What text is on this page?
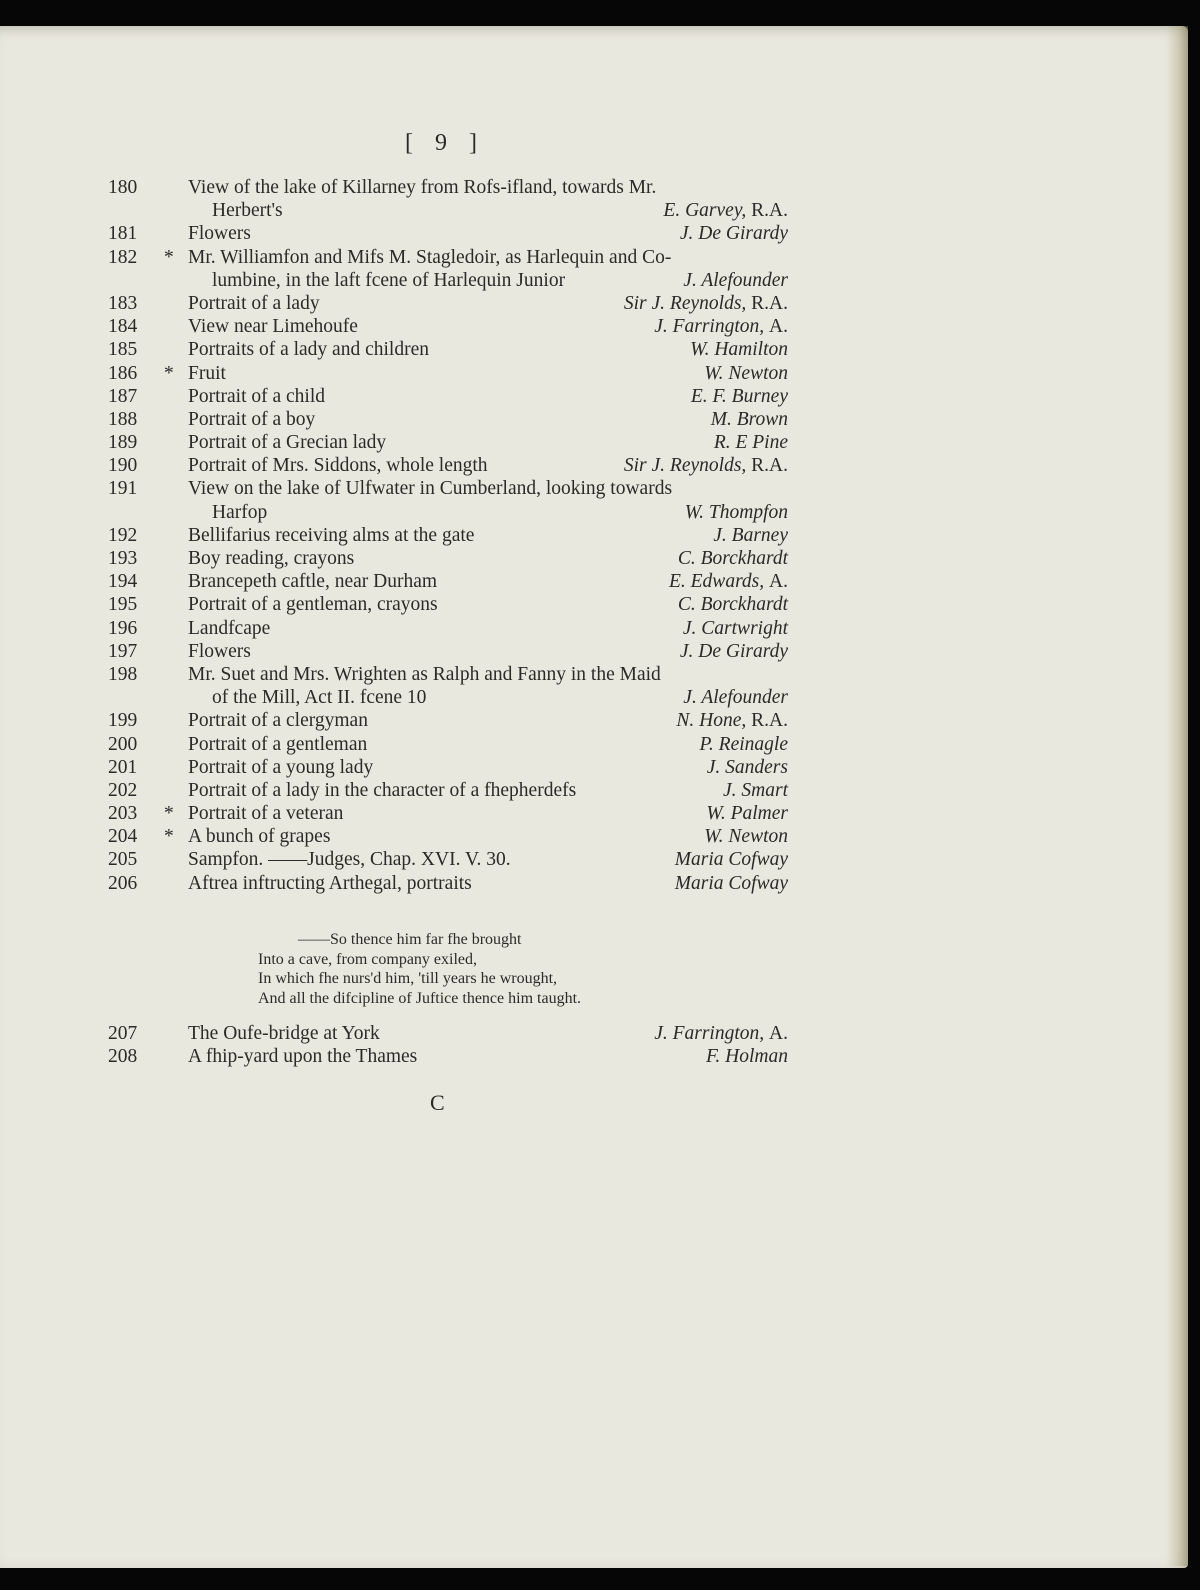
[ 9 ]
180	View of the lake of Killarney from Rofs-ifland, towards Mr.
Herbert's	E. Garvey, R.A.
181	Flowers	J. De Girardy
182	* Mr. Williamfon and Mifs M. Stagledoir, as Harlequin and Co-
lumbine, in the laft fcene of Harlequin Junior	J. Alefounder
183	Portrait of a lady	Sir J. Reynolds, R.A.
184	View near Limehoufe	J. Farrington, A.
185	Portraits of a lady and children	W. Hamilton
186	* Fruit	W. Newton
187	Portrait of a child	E. F. Burney
188	Portrait of a boy	M. Brown
189	Portrait of a Grecian lady	R. E Pine
190	Portrait of Mrs. Siddons, whole length	Sir J. Reynolds, R.A.
191	View on the lake of Ulfwater in Cumberland, looking towards
Harfop	W. Thompfon
192	Bellifarius receiving alms at the gate	J. Barney
193	Boy reading, crayons	C. Borckhardt
194	Brancepeth caftle, near Durham	E. Edwards, A.
195	Portrait of a gentleman, crayons	C. Borckhardt
196	Landfcape	J. Cartwright
197	Flowers	J. De Girardy
198	Mr. Suet and Mrs. Wrighten as Ralph and Fanny in the Maid
of the Mill, Act II. fcene 10	J. Alefounder
199	Portrait of a clergyman	N. Hone, R.A.
200	Portrait of a gentleman	P. Reinagle
201	Portrait of a young lady	J. Sanders
202	Portrait of a lady in the character of a fhepherdefs	J. Smart
203	* Portrait of a veteran	W. Palmer
204	* A bunch of grapes	W. Newton
205	Sampfon. ——Judges, Chap. XVI. V. 30.	Maria Cofway
206	Aftrea inftructing Arthegal, portraits	Maria Cofway
——So thence him far fhe brought
Into a cave, from company exiled,
In which fhe nurs'd him, 'till years he wrought,
And all the difcipline of Juftice thence him taught.
207	The Oufe-bridge at York	J. Farrington, A.
208	A fhip-yard upon the Thames	F. Holman
C
